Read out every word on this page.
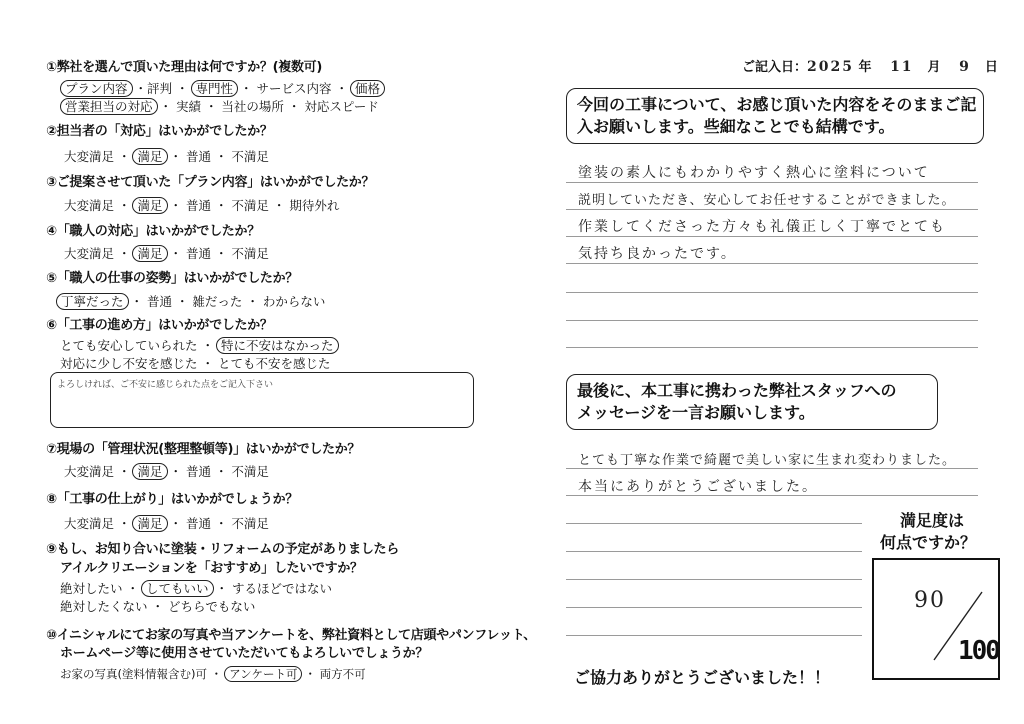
①弊社を選んで頂いた理由は何ですか？(複数可)
プラン内容 ・評判 ・ 専門性 ・ サービス内容 ・ 価格
営業担当の対応 ・ 実績 ・ 当社の場所 ・ 対応スピード
②担当者の「対応」はいかがでしたか？
大変満足 ・ 満足 ・ 普通 ・ 不満足
③ご提案させて頂いた「プラン内容」はいかがでしたか？
大変満足 ・ 満足 ・ 普通 ・ 不満足 ・ 期待外れ
④「職人の対応」はいかがでしたか？
大変満足 ・ 満足 ・ 普通 ・ 不満足
⑤「職人の仕事の姿勢」はいかがでしたか？
丁寧だった ・ 普通 ・ 雑だった ・ わからない
⑥「工事の進め方」はいかがでしたか？
とても安心していられた ・ 特に不安はなかった
対応に少し不安を感じた ・ とても不安を感じた
よろしければ、ご不安に感じられた点をご記入下さい
⑦現場の「管理状況(整理整頓等)」はいかがでしたか？
大変満足 ・ 満足 ・ 普通 ・ 不満足
⑧「工事の仕上がり」はいかがでしょうか？
大変満足 ・ 満足 ・ 普通 ・ 不満足
⑨もし、お知り合いに塗装・リフォームの予定がありましたら
アイルクリエーションを「おすすめ」したいですか？
絶対したい ・ してもいい ・ するほどではない
絶対したくない ・ どちらでもない
⑩イニシャルにてお家の写真や当アンケートを、弊社資料として店頭やパンフレット、
ホームページ等に使用させていただいてもよろしいでしょうか？
お家の写真(塗料情報含む)可 ・ アンケート可 ・ 両方不可
ご記入日：2025 年 11 月 9 日
今回の工事について、お感じ頂いた内容をそのままご記
入お願いします。些細なことでも結構です。
塗装の素人にもわかりやすく熱心に塗料について
説明していただき、安心してお任せすることができました。
作業してくださった方々も礼儀正しく丁寧でとても
気持ち良かったです。
最後に、本工事に携わった弊社スタッフへの
メッセージを一言お願いします。
とても丁寧な作業で綺麗で美しい家に生まれ変わりました。
本当にありがとうございました。
満足度は
何点ですか？
90
100
ご協力ありがとうございました！！
